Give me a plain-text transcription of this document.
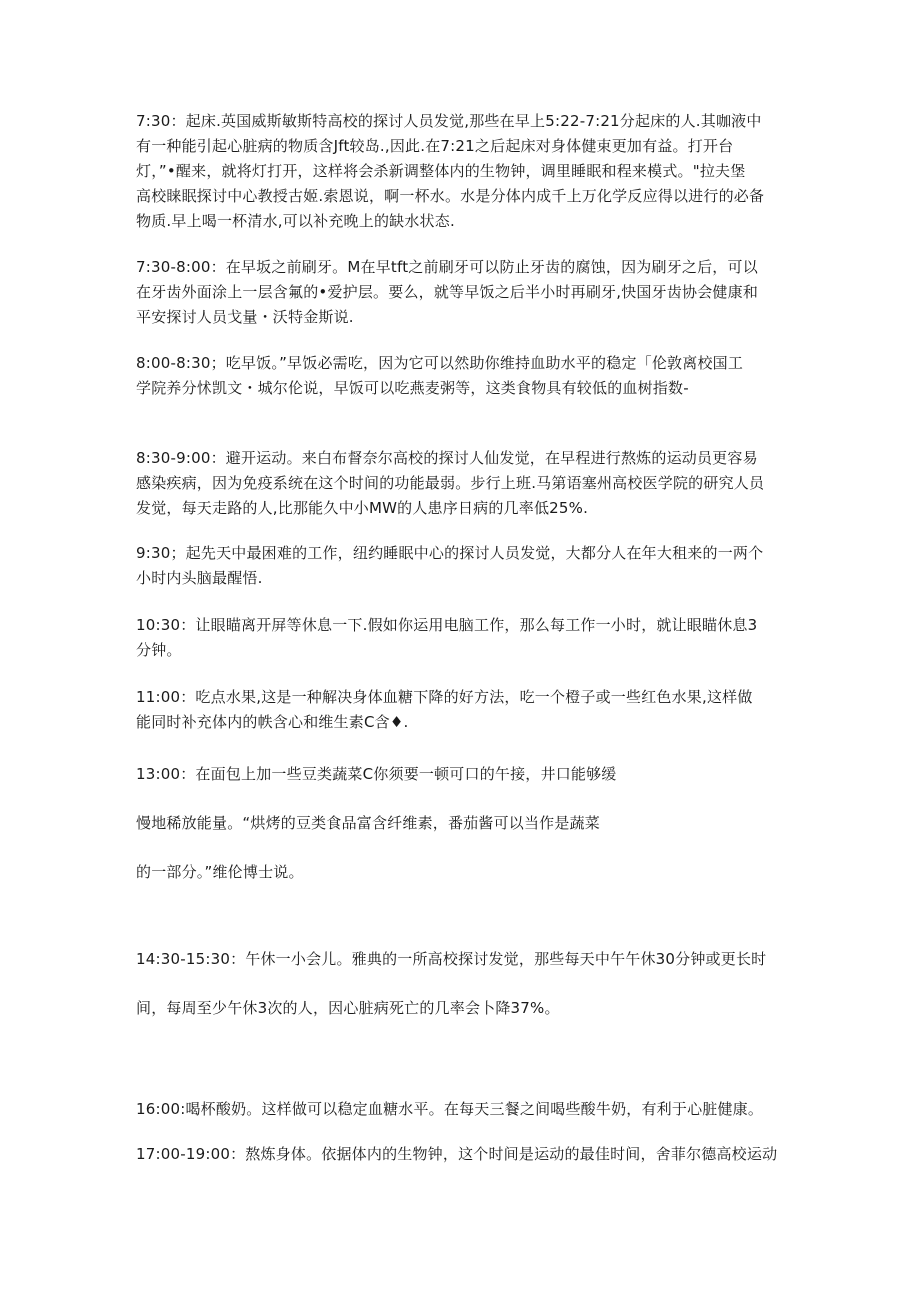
7:30：起床.英国威斯敏斯特高校的探讨人员发觉,那些在早上5:22-7:21分起床的人.其咖液中
有一种能引起心脏病的物质含Jft较岛.,因此.在7:21之后起床对身体健束更加有益。打开台
灯，”•醒来，就将灯打开，这样将会杀新调整体内的生物钟，调里睡眠和程来模式。"拉夫堡
高校睐眠探讨中心教授古姬.索恩说，啊一杯水。水是分体内成千上万化学反应得以进行的必备
物质.早上喝一杯清水,可以补充晚上的缺水状态.
7:30-8:00：在早坂之前刷牙。M在早tft之前刷牙可以防止牙齿的腐蚀，因为刷牙之后，可以
在牙齿外面涂上一层含氟的•爱护层。要么，就等早饭之后半小时再刷牙,快国牙齿协会健康和
平安探讨人员戈量・沃特金斯说.
8:00-8:30；吃早饭。”早饭必需吃，因为它可以然助你维持血助水平的稳定「伦敦离校国工
学院养分怵凯文・城尔伦说，早饭可以吃燕麦粥等，这类食物具有较低的血树指数-
8:30-9:00：避开运动。来白布督奈尔高校的探讨人仙发觉，在早程进行熬炼的运动员更容易
感染疾病，因为免疫系统在这个时间的功能最弱。步行上班.马第语塞州高校医学院的研究人员
发觉，每天走路的人,比那能久中小MW的人患序日病的几率低25%.
9:30；起先天中最困难的工作，纽约睡眠中心的探讨人员发觉，大都分人在年大租来的一两个
小时内头脑最醒悟.
10:30：让眼瞄离开屏等休息一下.假如你运用电脑工作，那么每工作一小时，就让眼瞄休息3
分钟。
11:00：吃点水果,这是一种解决身体血糖下降的好方法，吃一个橙子或一些红色水果,这样做
能同时补充体内的帙含心和维生素C含♦.
13:00：在面包上加一些豆类蔬菜C你须要一顿可口的午接，井口能够缓
慢地稀放能量。“烘烤的豆类食品富含纤维素，番茄酱可以当作是蔬菜
的一部分。”维伦博士说。
14:30-15:30：午休一小会儿。雅典的一所高校探讨发觉，那些每天中午午休30分钟或更长时
间，每周至少午休3次的人，因心脏病死亡的几率会卜降37%。
16:00:喝杯酸奶。这样做可以稳定血糖水平。在每天三餐之间喝些酸牛奶，有利于心脏健康。
17:00-19:00：熬炼身体。依据体内的生物钟，这个时间是运动的最佳时间，舍菲尔德高校运动
